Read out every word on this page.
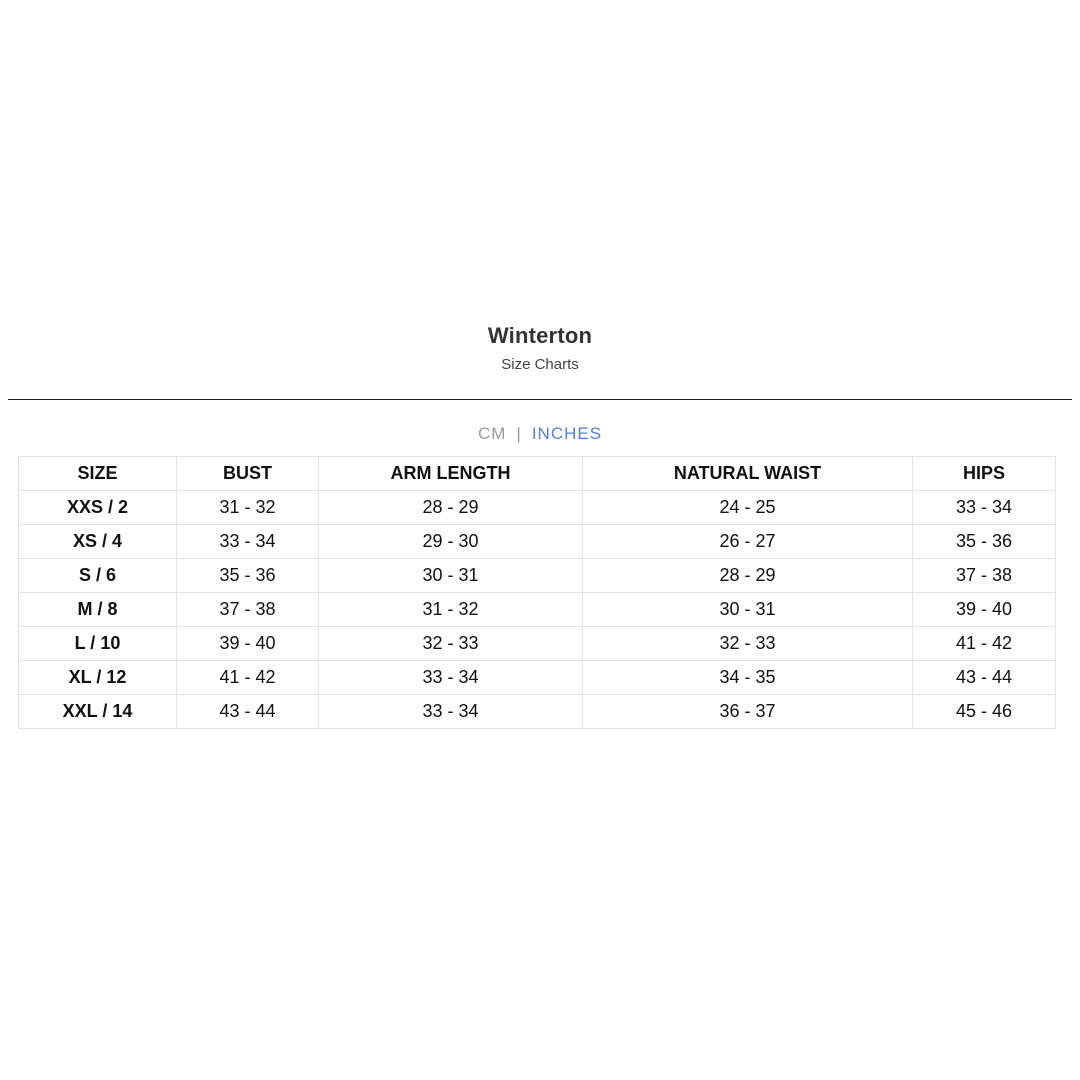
Winterton
Size Charts
CM | INCHES
SIZE	BUST	ARM LENGTH	NATURAL WAIST	HIPS
XXS / 2	31 - 32	28 - 29	24 - 25	33 - 34
XS / 4	33 - 34	29 - 30	26 - 27	35 - 36
S / 6	35 - 36	30 - 31	28 - 29	37 - 38
M / 8	37 - 38	31 - 32	30 - 31	39 - 40
L / 10	39 - 40	32 - 33	32 - 33	41 - 42
XL / 12	41 - 42	33 - 34	34 - 35	43 - 44
XXL / 14	43 - 44	33 - 34	36 - 37	45 - 46
